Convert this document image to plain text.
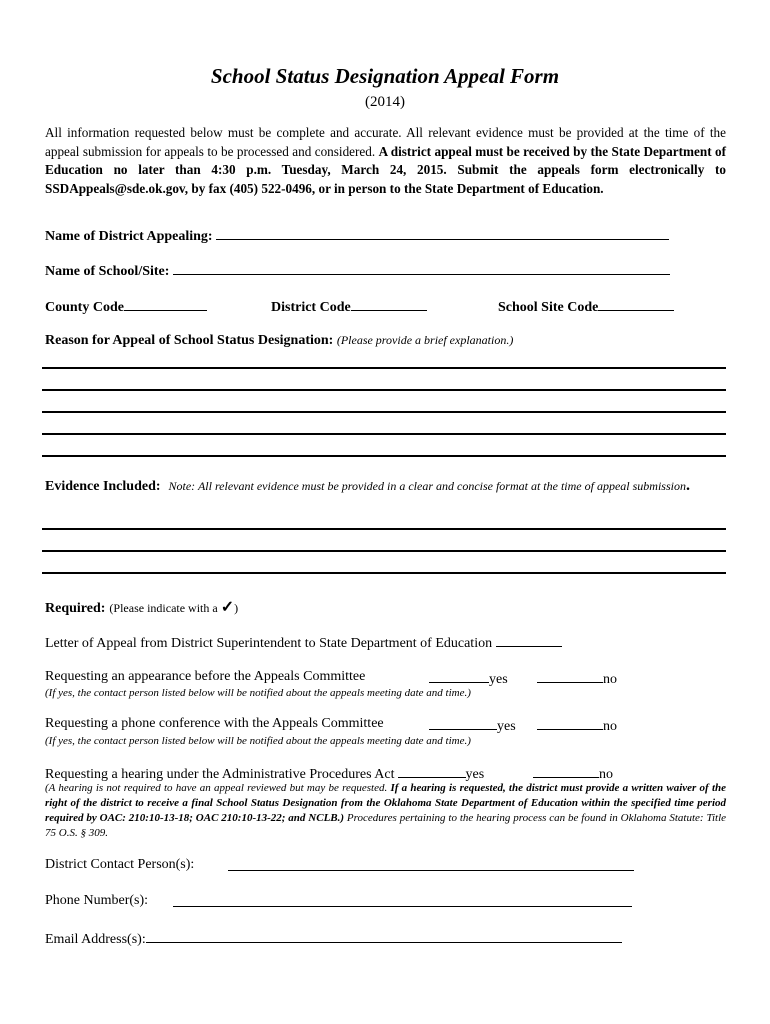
School Status Designation Appeal Form
(2014)
All information requested below must be complete and accurate. All relevant evidence must be provided at the time of the appeal submission for appeals to be processed and considered. A district appeal must be received by the State Department of Education no later than 4:30 p.m. Tuesday, March 24, 2015. Submit the appeals form electronically to SSDAppeals@sde.ok.gov, by fax (405) 522-0496, or in person to the State Department of Education.
Name of District Appealing:
Name of School/Site:
County Code	District Code	School Site Code
Reason for Appeal of School Status Designation: (Please provide a brief explanation.)
Evidence Included: Note: All relevant evidence must be provided in a clear and concise format at the time of appeal submission.
Required: (Please indicate with a ✓)
Letter of Appeal from District Superintendent to State Department of Education
Requesting an appearance before the Appeals Committee	yes	no
(If yes, the contact person listed below will be notified about the appeals meeting date and time.)
Requesting a phone conference with the Appeals Committee	yes	no
(If yes, the contact person listed below will be notified about the appeals meeting date and time.)
Requesting a hearing under the Administrative Procedures Act	yes	no
(A hearing is not required to have an appeal reviewed but may be requested. If a hearing is requested, the district must provide a written waiver of the right of the district to receive a final School Status Designation from the Oklahoma State Department of Education within the specified time period required by OAC: 210:10-13-18; OAC 210:10-13-22; and NCLB.) Procedures pertaining to the hearing process can be found in Oklahoma Statute: Title 75 O.S. § 309.
District Contact Person(s):
Phone Number(s):
Email Address(s):
